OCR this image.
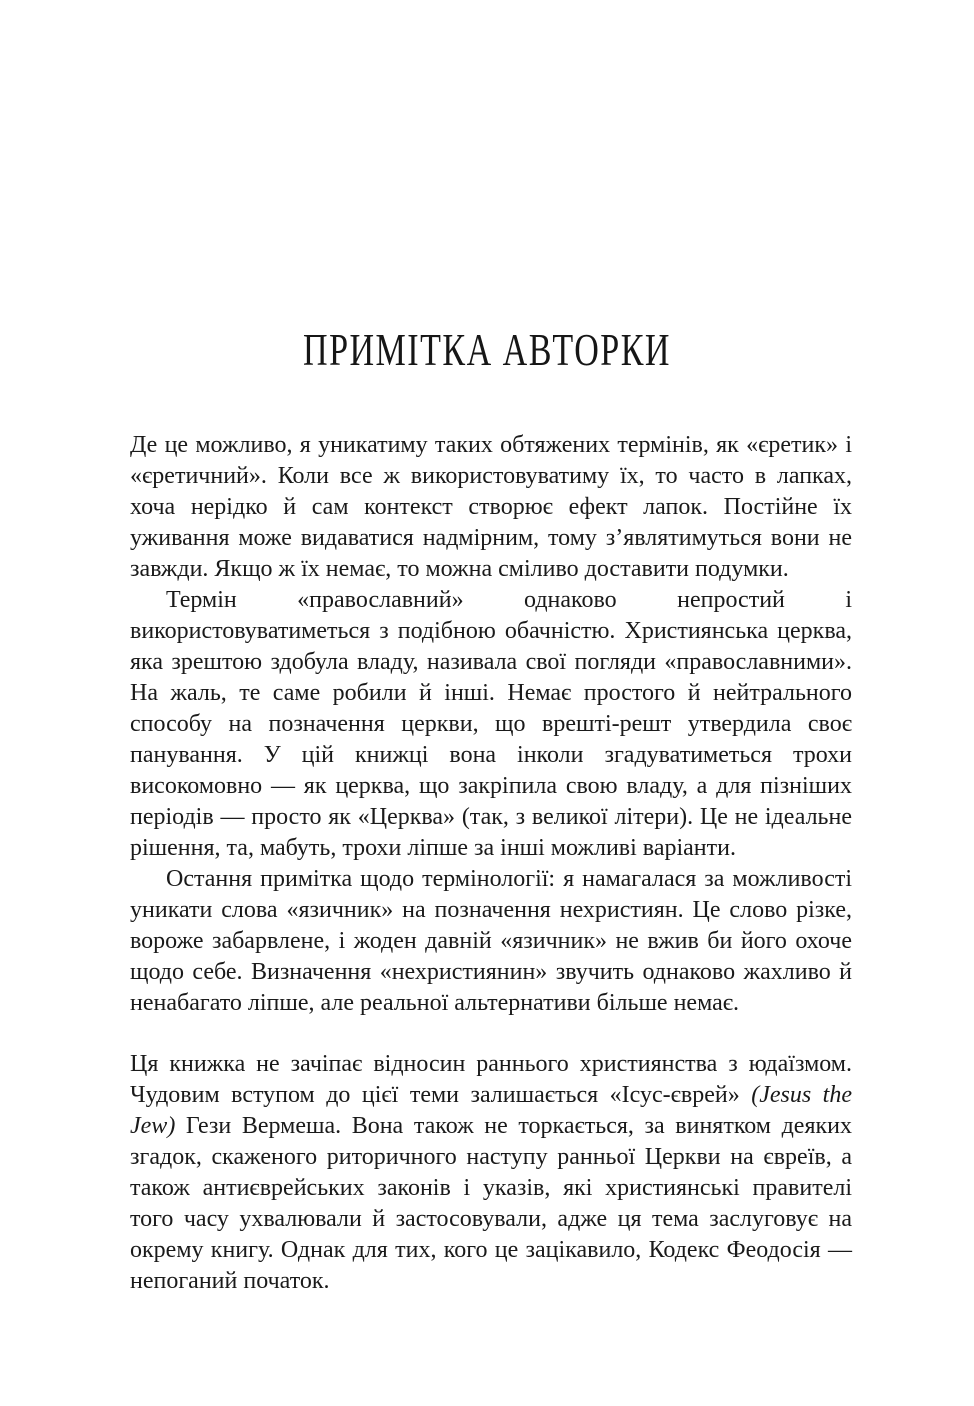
ПРИМІТКА АВТОРКИ

Де це можливо, я уникатиму таких обтяжених термінів, як «єретик» і «єретичний». Коли все ж використовуватиму їх, то часто в лапках, хоча нерідко й сам контекст створює ефект лапок. Постійне їх уживання може видаватися надмірним, тому з’являтимуться вони не завжди. Якщо ж їх немає, то можна сміливо доставити подумки.

Термін «православний» однаково непростий і використовуватиметься з подібною обачністю. Християнська церква, яка зрештою здобула владу, називала свої погляди «православними». На жаль, те саме робили й інші. Немає простого й нейтрального способу на позначення церкви, що врешті-решт утвердила своє панування. У цій книжці вона інколи згадуватиметься трохи високомовно — як церква, що закріпила свою владу, а для пізніших періодів — просто як «Церква» (так, з великої літери). Це не ідеальне рішення, та, мабуть, трохи ліпше за інші можливі варіанти.

Остання примітка щодо термінології: я намагалася за можливості уникати слова «язичник» на позначення нехристиян. Це слово різке, вороже забарвлене, і жоден давній «язичник» не вжив би його охоче щодо себе. Визначення «нехристиянин» звучить однаково жахливо й ненабагато ліпше, але реальної альтернативи більше немає.

Ця книжка не зачіпає відносин раннього християнства з юдаїзмом. Чудовим вступом до цієї теми залишається «Ісус-єврей» (Jesus the Jew) Гези Вермеша. Вона також не торкається, за винятком деяких згадок, скаженого риторичного наступу ранньої Церкви на євреїв, а також антиєврейських законів і указів, які християнські правителі того часу ухвалювали й застосовували, адже ця тема заслуговує на окрему книгу. Однак для тих, кого це зацікавило, Кодекс Феодосія — непоганий початок.
